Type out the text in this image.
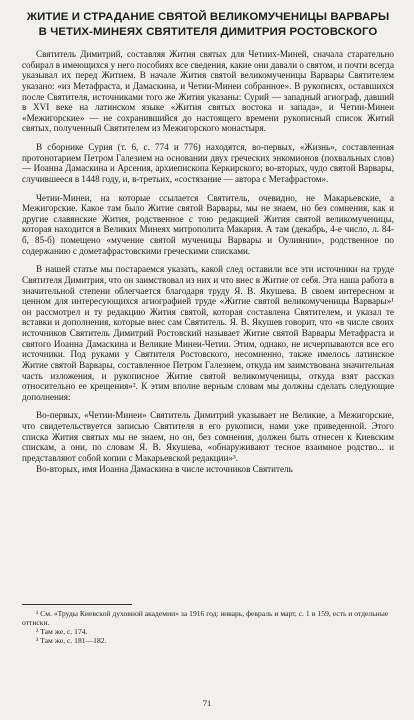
ЖИТИЕ И СТРАДАНИЕ СВЯТОЙ ВЕЛИКОМУЧЕНИЦЫ ВАРВАРЫ
В ЧЕТИХ-МИНЕЯХ СВЯТИТЕЛЯ ДИМИТРИЯ РОСТОВСКОГО

Святитель Димитрий, составляя Жития святых для Четиих-Миней, сначала старательно собирал в имеющихся у него пособиях все сведения, какие они давали о святом, и почти всегда указывал их перед Житием. В начале Жития святой великомученицы Варвары Святителем указано: «из Метафраста, и Дамаскина, и Четии-Минеи собранное». В рукописях, оставшихся после Святителя, источниками того же Жития указаны: Сурий — западный агиограф, давший в XVI веке на латинском языке «Жития святых востока и запада», и Четии-Минеи «Межигорские» — не сохранившийся до настоящего времени рукописный список Житий святых, полученный Святителем из Межигорского монастыря.

В сборнике Сурия (т. 6, с. 774 и 776) находятся, во-первых, «Жизнь», составленная протонотарием Петром Галезием на основании двух греческих энкомионов (похвальных слов) — Иоанна Дамаскина и Арсения, архиепископа Керкирского; во-вторых, чудо святой Варвары, случившееся в 1448 году, и, в-третьих, «состязание — автора с Метафрастом».

Четии-Минеи, на которые ссылается Святитель, очевидно, не Макарьевские, а Межигорские. Какое там было Житие святой Варвары, мы не знаем, но без сомнения, как и другие славянские Жития, родственное с тою редакцией Жития святой великомученицы, которая находится в Великих Минеях митрополита Макария. А там (декабрь, 4-е число, л. 84-б, 85-б) помещено «мучение святой мученицы Варвары и Оулиянии», родственное по содержанию с дометафрастовскими греческими списками.

В нашей статье мы постараемся указать, какой след оставили все эти источники на труде Святителя Димитрия, что он заимствовал из них и что внес в Житие от себя. Эта наша работа в значительной степени облегчается благодаря труду Я. В. Якушева. В своем интересном и ценном для интересующихся агиографией труде «Житие святой великомученицы Варвары»¹ он рассмотрел и ту редакцию Жития святой, которая составлена Святителем, и указал те вставки и дополнения, которые внес сам Святитель. Я. В. Якушев говорит, что «в числе своих источников Святитель Димитрий Ростовский называет Житие святой Варвары Метафраста и святого Иоанна Дамаскина и Великие Минеи-Четии. Этим, однако, не исчерпываются все его источники. Под руками у Святителя Ростовского, несомненно, также имелось латинское Житие святой Варвары, составленное Петром Галезием, откуда им заимствована значительная часть изложения, и рукописное Житие святой великомученицы, откуда взят рассказ относительно ее крещения»². К этим вполне верным словам мы должны сделать следующие дополнения:

Во-первых, «Четии-Минеи» Святитель Димитрий указывает не Великие, а Межигорские, что свидетельствуется записью Святителя в его рукописи, нами уже приведенной. Этого списка Жития святых мы не знаем, но он, без сомнения, должен быть отнесен к Киевским спискам, а они, по словам Я. В. Якушева, «обнаруживают тесное взаимное родство... и представляют собой копии с Макарьевской редакции»³.

Во-вторых, имя Иоанна Дамаскина в числе источников Святитель

¹ См. «Труды Киевской духовной академии» за 1916 год: январь, февраль и март, с. 1 и 159, есть и отдельные оттиски.

² Там же, с. 174.

³ Там же, с. 181—182.

71
